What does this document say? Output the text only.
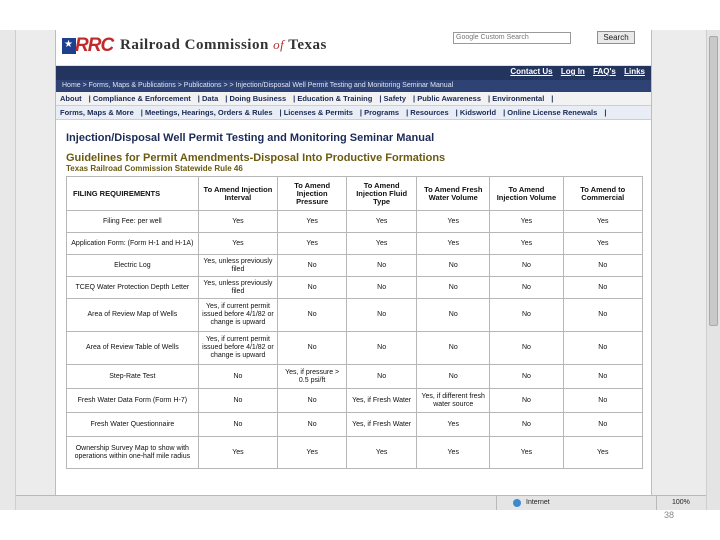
★ RRC Railroad Commission of Texas	Google Custom Search	Search
Contact Us Log In FAQ's Links
Home > Forms, Maps & Publications > Publications > > Injection/Disposal Well Permit Testing and Monitoring Seminar Manual
About | Compliance & Enforcement | Data | Doing Business | Education & Training | Safety | Public Awareness | Environmental |
Forms, Maps & More | Meetings, Hearings, Orders & Rules | Licenses & Permits | Programs | Resources | Kidsworld | Online License Renewals |
Injection/Disposal Well Permit Testing and Monitoring Seminar Manual
Guidelines for Permit Amendments-Disposal Into Productive Formations
Texas Railroad Commission Statewide Rule 46
FILING REQUIREMENTS	To Amend Injection Interval	To Amend Injection Pressure	To Amend Injection Fluid Type	To Amend Fresh Water Volume	To Amend Injection Volume	To Amend to Commercial
Filing Fee: per well	Yes	Yes	Yes	Yes	Yes	Yes
Application Form: (Form H-1 and H-1A)	Yes	Yes	Yes	Yes	Yes	Yes
Electric Log	Yes, unless previously filed	No	No	No	No	No
TCEQ Water Protection Depth Letter	Yes, unless previously filed	No	No	No	No	No
Area of Review Map of Wells	Yes, if current permit issued before 4/1/82 or change is upward	No	No	No	No	No
Area of Review Table of Wells	Yes, if current permit issued before 4/1/82 or change is upward	No	No	No	No	No
Step-Rate Test	No	Yes, if pressure > 0.5 psi/ft	No	No	No	No
Fresh Water Data Form (Form H-7)	No	No	Yes, if Fresh Water	Yes, if different fresh water source	No	No
Fresh Water Questionnaire	No	No	Yes, if Fresh Water	Yes	No	No
Ownership Survey Map to show with operations within one-half mile radius	Yes	Yes	Yes	Yes	Yes	Yes
Internet	100%
38
